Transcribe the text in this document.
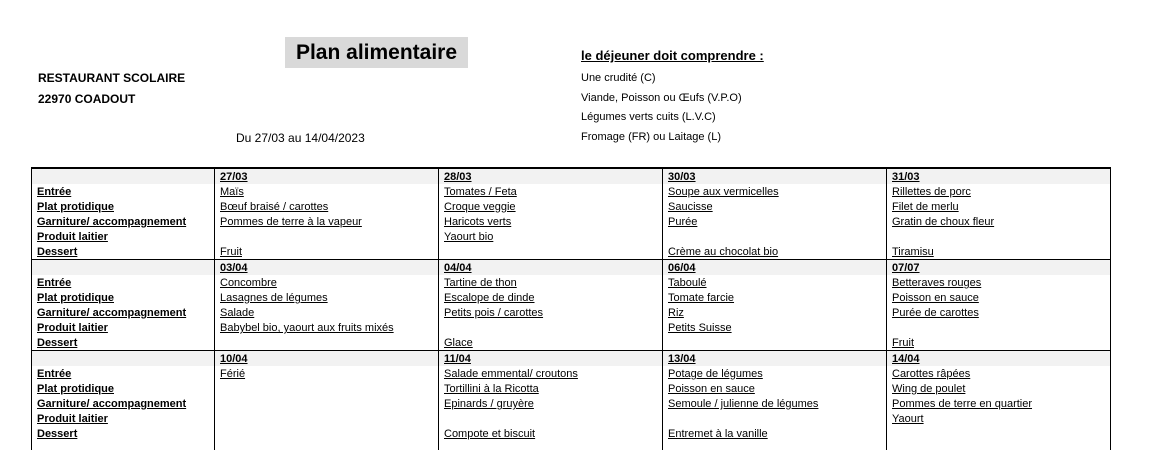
Plan alimentaire
RESTAURANT SCOLAIRE
22970 COADOUT
Du 27/03 au 14/04/2023
le déjeuner doit comprendre :
Une crudité (C)
Viande, Poisson ou Œufs (V.P.O)
Légumes verts cuits (L.V.C)
Fromage (FR) ou Laitage (L)
	27/03	28/03	30/03	31/03
Entrée	Maïs	Tomates / Feta	Soupe aux vermicelles	Rillettes de porc
Plat protidique	Bœuf braisé / carottes	Croque veggie	Saucisse	Filet de merlu
Garniture/ accompagnement	Pommes de terre à la vapeur	Haricots verts	Purée	Gratin de choux fleur
Produit laitier		Yaourt bio		
Dessert	Fruit		Crème au chocolat bio	Tiramisu
	03/04	04/04	06/04	07/07
Entrée	Concombre	Tartine de thon	Taboulé	Betteraves rouges
Plat protidique	Lasagnes de légumes	Escalope de dinde	Tomate farcie	Poisson en sauce
Garniture/ accompagnement	Salade	Petits pois / carottes	Riz	Purée de carottes
Produit laitier	Babybel bio, yaourt aux fruits mixés		Petits Suisse	
Dessert		Glace		Fruit
	10/04	11/04	13/04	14/04
Entrée	Férié	Salade emmental/ croutons	Potage de légumes	Carottes râpées
Plat protidique		Tortillini à la Ricotta	Poisson en sauce	Wing de poulet
Garniture/ accompagnement		Epinards / gruyère	Semoule / julienne de légumes	Pommes de terre en quartier
Produit laitier				Yaourt
Dessert		Compote et biscuit	Entremet à la vanille	
